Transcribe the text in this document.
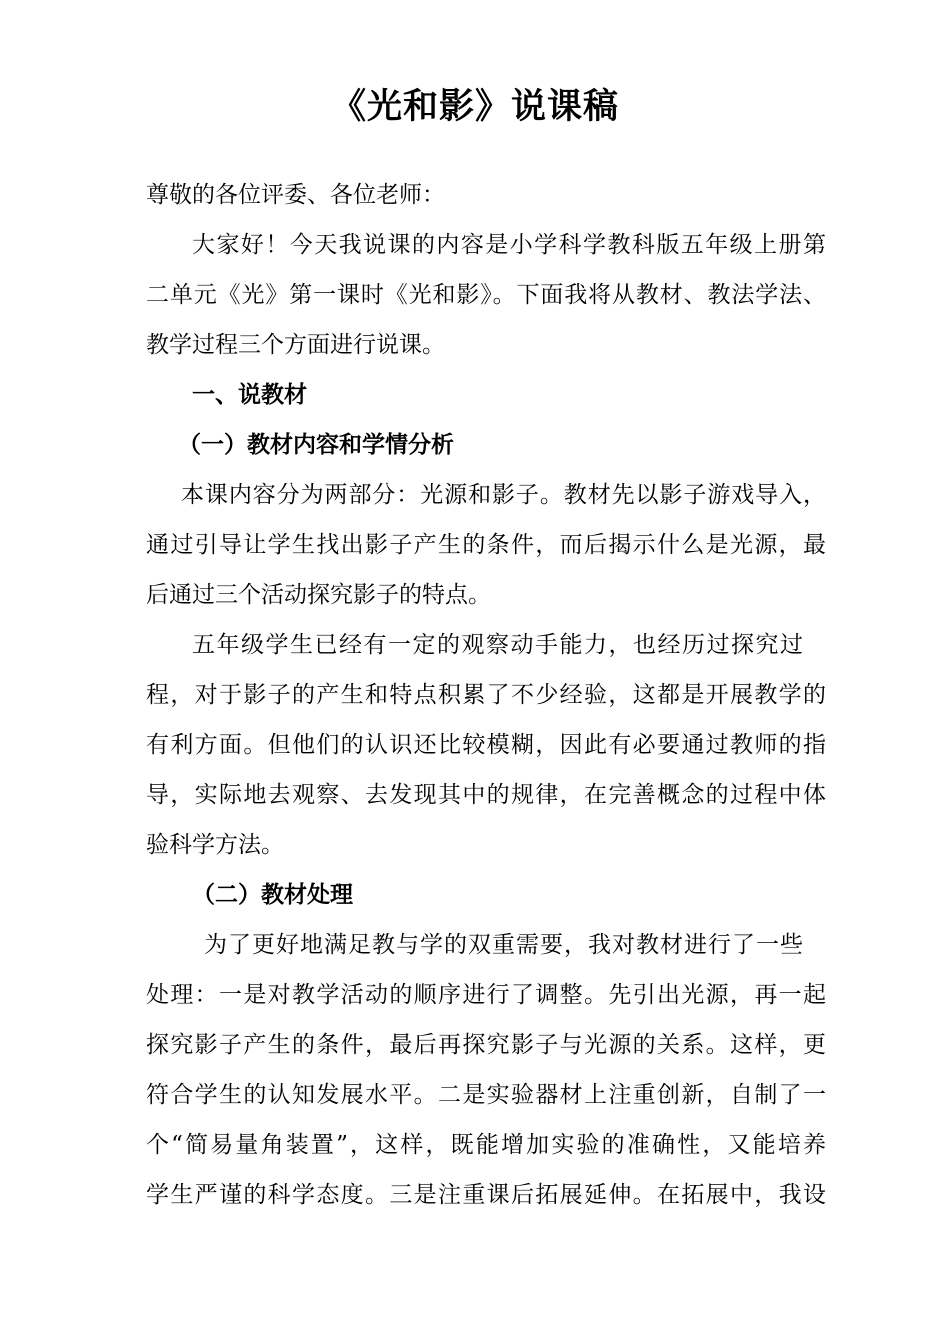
《光和影》说课稿

尊敬的各位评委、各位老师：

大家好！今天我说课的内容是小学科学教科版五年级上册第

二单元《光》第一课时《光和影》。下面我将从教材、教法学法、

教学过程三个方面进行说课。

一、说教材

（一）教材内容和学情分析

本课内容分为两部分：光源和影子。教材先以影子游戏导入，

通过引导让学生找出影子产生的条件，而后揭示什么是光源，最

后通过三个活动探究影子的特点。

五年级学生已经有一定的观察动手能力，也经历过探究过

程，对于影子的产生和特点积累了不少经验，这都是开展教学的

有利方面。但他们的认识还比较模糊，因此有必要通过教师的指

导，实际地去观察、去发现其中的规律，在完善概念的过程中体

验科学方法。

（二）教材处理

为了更好地满足教与学的双重需要，我对教材进行了一些

处理：一是对教学活动的顺序进行了调整。先引出光源，再一起

探究影子产生的条件，最后再探究影子与光源的关系。这样，更

符合学生的认知发展水平。二是实验器材上注重创新，自制了一

个“简易量角装置”，这样，既能增加实验的准确性，又能培养

学生严谨的科学态度。三是注重课后拓展延伸。在拓展中，我设
